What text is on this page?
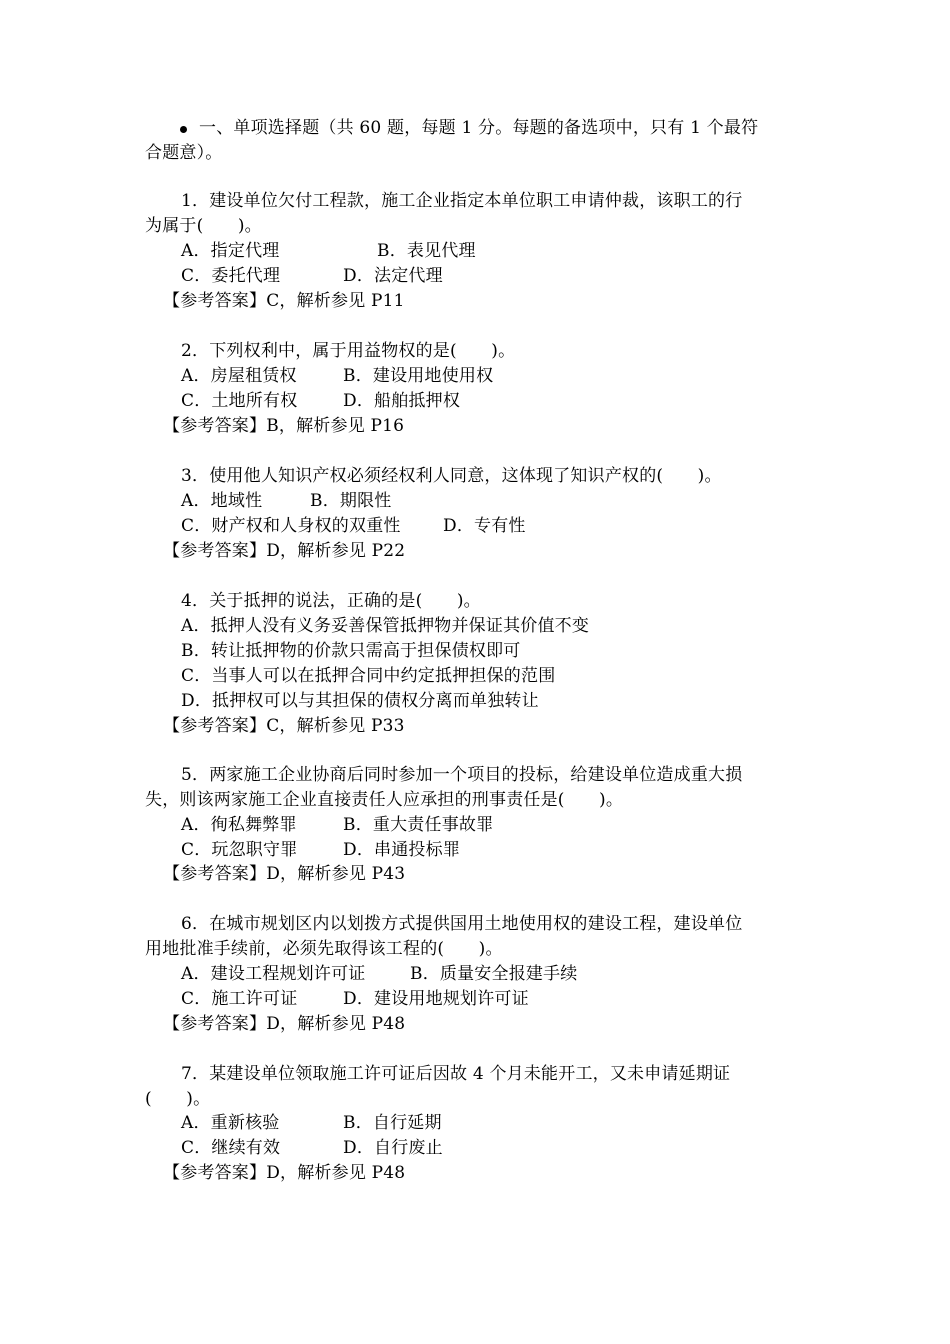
一、单项选择题（共 60 题，每题 1 分。每题的备选项中，只有 1 个最符
合题意）。
1．建设单位欠付工程款，施工企业指定本单位职工申请仲裁，该职工的行
为属于(　　)。
A．指定代理	B．表见代理
C．委托代理	D．法定代理
【参考答案】C，解析参见 P11
2．下列权利中，属于用益物权的是(　　)。
A．房屋租赁权	B．建设用地使用权
C．土地所有权	D．船舶抵押权
【参考答案】B，解析参见 P16
3．使用他人知识产权必须经权利人同意，这体现了知识产权的(　　)。
A．地域性	B．期限性
C．财产权和人身权的双重性 D．专有性
【参考答案】D，解析参见 P22
4．关于抵押的说法，正确的是(　　)。
A．抵押人没有义务妥善保管抵押物并保证其价值不变
B．转让抵押物的价款只需高于担保债权即可
C．当事人可以在抵押合同中约定抵押担保的范围
D．抵押权可以与其担保的债权分离而单独转让
【参考答案】C，解析参见 P33
5．两家施工企业协商后同时参加一个项目的投标，给建设单位造成重大损
失，则该两家施工企业直接责任人应承担的刑事责任是(　　)。
A．徇私舞弊罪	B．重大责任事故罪
C．玩忽职守罪	D．串通投标罪
【参考答案】D，解析参见 P43
6．在城市规划区内以划拨方式提供国用土地使用权的建设工程，建设单位
用地批准手续前，必须先取得该工程的(　　)。
A．建设工程规划许可证	B．质量安全报建手续
C．施工许可证	D．建设用地规划许可证
【参考答案】D，解析参见 P48
7．某建设单位领取施工许可证后因故 4 个月未能开工，又未申请延期证
(　　)。
A．重新核验	B．自行延期
C．继续有效	D．自行废止
【参考答案】D，解析参见 P48
